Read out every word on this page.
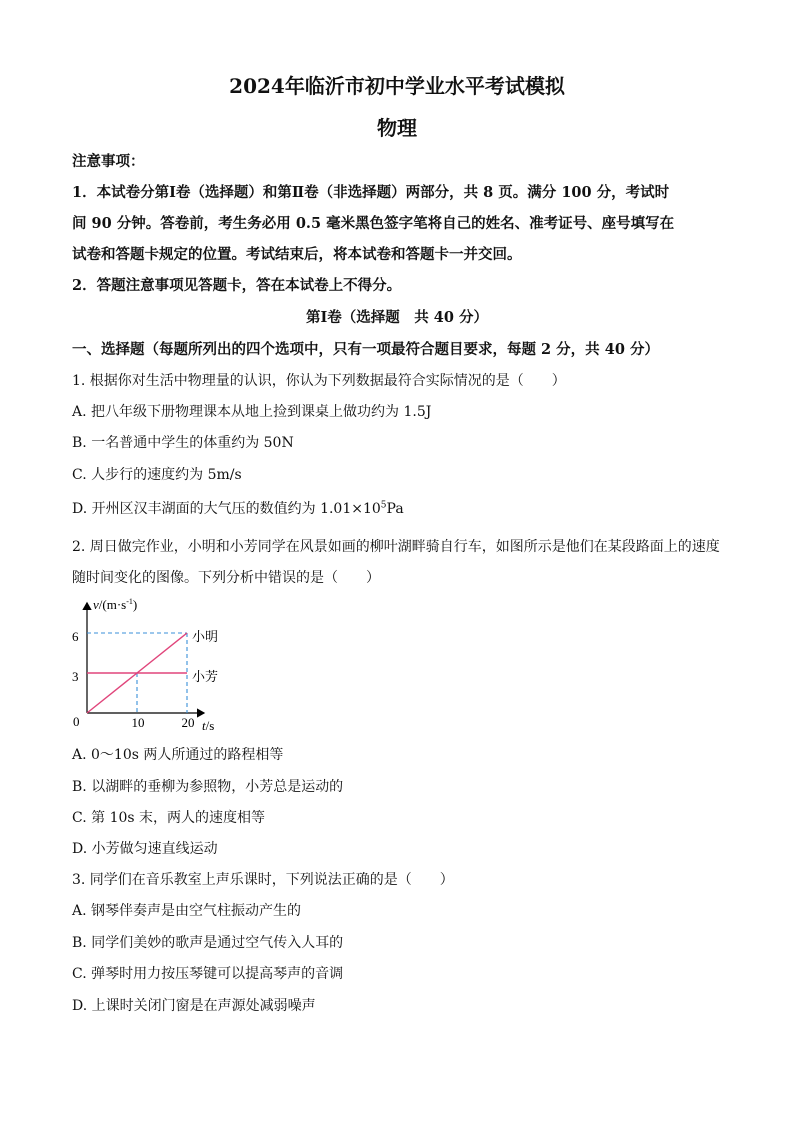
2024年临沂市初中学业水平考试模拟
物理
注意事项：
1．本试卷分第Ⅰ卷（选择题）和第Ⅱ卷（非选择题）两部分，共 8 页。满分 100 分，考试时
间 90 分钟。答卷前，考生务必用 0.5 毫米黑色签字笔将自己的姓名、准考证号、座号填写在
试卷和答题卡规定的位置。考试结束后，将本试卷和答题卡一并交回。
2．答题注意事项见答题卡，答在本试卷上不得分。
第Ⅰ卷（选择题　共 40 分）
一、选择题（每题所列出的四个选项中，只有一项最符合题目要求，每题 2 分，共 40 分）
1. 根据你对生活中物理量的认识，你认为下列数据最符合实际情况的是（　　）
A. 把八年级下册物理课本从地上捡到课桌上做功约为 1.5J
B. 一名普通中学生的体重约为 50N
C. 人步行的速度约为 5m/s
D. 开州区汉丰湖面的大气压的数值约为 $1.01\times 10^5Pa$
2. 周日做完作业，小明和小芳同学在风景如画的柳叶湖畔骑自行车，如图所示是他们在某段路面上的速度
随时间变化的图像。下列分析中错误的是（　　）
$v/(m\cdot s^{-1})$
t/s
0	10	20
3
6	小明
小芳
A. 0～10s 两人所通过的路程相等
B. 以湖畔的垂柳为参照物，小芳总是运动的
C. 第 10s 末，两人的速度相等
D. 小芳做匀速直线运动
3. 同学们在音乐教室上声乐课时，下列说法正确的是（　　）
A. 钢琴伴奏声是由空气柱振动产生的
B. 同学们美妙的歌声是通过空气传入人耳的
C. 弹琴时用力按压琴键可以提高琴声的音调
D. 上课时关闭门窗是在声源处减弱噪声
